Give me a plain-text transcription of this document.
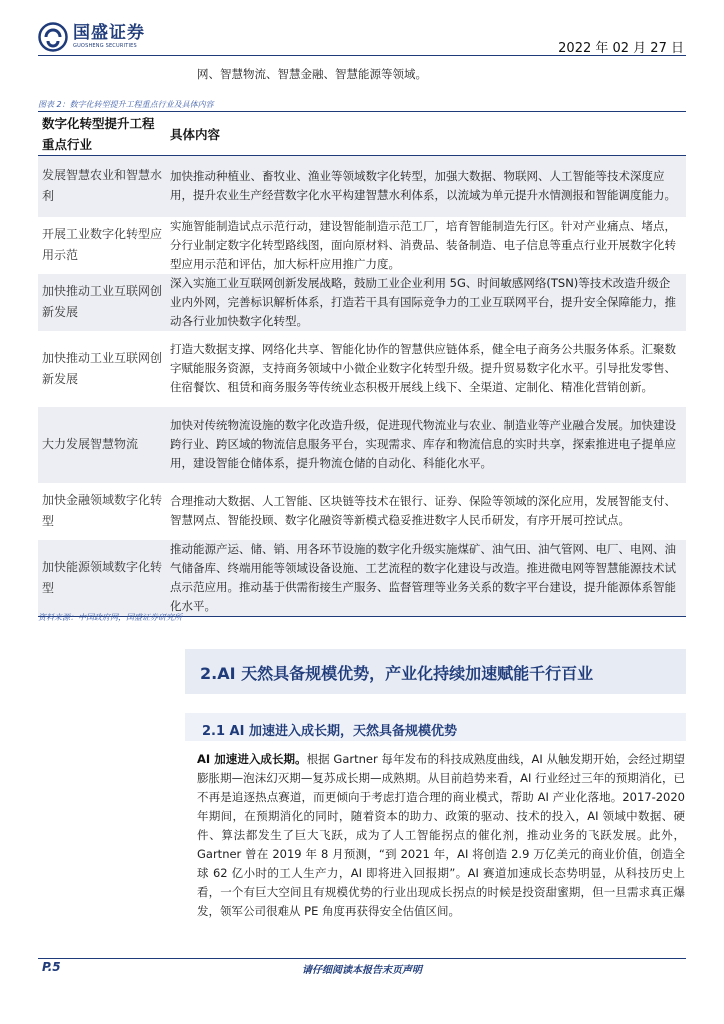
国盛证券
GUOSHENG SECURITIES	2022 年 02 月 27 日
网、智慧物流、智慧金融、智慧能源等领域。
图表 2：数字化转型提升工程重点行业及具体内容
数字化转型提升工程重点行业	具体内容
发展智慧农业和智慧水利	加快推动种植业、畜牧业、渔业等领域数字化转型，加强大数据、物联网、人工智能等技术深度应用，提升农业生产经营数字化水平构建智慧水利体系，以流域为单元提升水情测报和智能调度能力。
开展工业数字化转型应用示范	实施智能制造试点示范行动，建设智能制造示范工厂，培育智能制造先行区。针对产业痛点、堵点，分行业制定数字化转型路线图，面向原材料、消费品、装备制造、电子信息等重点行业开展数字化转型应用示范和评估，加大标杆应用推广力度。
加快推动工业互联网创新发展	深入实施工业互联网创新发展战略，鼓励工业企业利用 5G、时间敏感网络(TSN)等技术改造升级企业内外网，完善标识解析体系，打造若干具有国际竞争力的工业互联网平台，提升安全保障能力，推动各行业加快数字化转型。
加快推动工业互联网创新发展	打造大数据支撑、网络化共享、智能化协作的智慧供应链体系，健全电子商务公共服务体系。汇聚数字赋能服务资源，支持商务领域中小微企业数字化转型升级。提升贸易数字化水平。引导批发零售、住宿餐饮、租赁和商务服务等传统业态积极开展线上线下、全渠道、定制化、精准化营销创新。
大力发展智慧物流	加快对传统物流设施的数字化改造升级，促进现代物流业与农业、制造业等产业融合发展。加快建设跨行业、跨区域的物流信息服务平台，实现需求、库存和物流信息的实时共享，探索推进电子提单应用，建设智能仓储体系，提升物流仓储的自动化、科能化水平。
加快金融领域数字化转型	合理推动大数据、人工智能、区块链等技术在银行、证券、保险等领域的深化应用，发展智能支付、智慧网点、智能投顾、数字化融资等新模式稳妥推进数字人民币研发，有序开展可控试点。
加快能源领域数字化转型	推动能源产运、储、销、用各环节设施的数字化升级实施煤矿、油气田、油气管网、电厂、电网、油气储备库、终端用能等领域设备设施、工艺流程的数字化建设与改造。推进微电网等智慧能源技术试点示范应用。推动基于供需衔接生产服务、监督管理等业务关系的数字平台建设，提升能源体系智能化水平。
资料来源：中国政府网，国盛证券研究所
2.AI 天然具备规模优势，产业化持续加速赋能千行百业
2.1 AI 加速进入成长期，天然具备规模优势
AI 加速进入成长期。根据 Gartner 每年发布的科技成熟度曲线，AI 从触发期开始，会经过期望膨胀期—泡沫幻灭期—复苏成长期—成熟期。从目前趋势来看，AI 行业经过三年的预期消化，已不再是追逐热点赛道，而更倾向于考虑打造合理的商业模式，帮助 AI 产业化落地。2017-2020 年期间，在预期消化的同时，随着资本的助力、政策的驱动、技术的投入，AI 领域中数据、硬件、算法都发生了巨大飞跃，成为了人工智能拐点的催化剂，推动业务的飞跃发展。此外，Gartner 曾在 2019 年 8 月预测，“到 2021 年，AI 将创造 2.9 万亿美元的商业价值，创造全球 62 亿小时的工人生产力，AI 即将进入回报期”。AI 赛道加速成长态势明显，从科技历史上看，一个有巨大空间且有规模优势的行业出现成长拐点的时候是投资甜蜜期，但一旦需求真正爆发，领军公司很难从 PE 角度再获得安全估值区间。
P.5	请仔细阅读本报告末页声明
